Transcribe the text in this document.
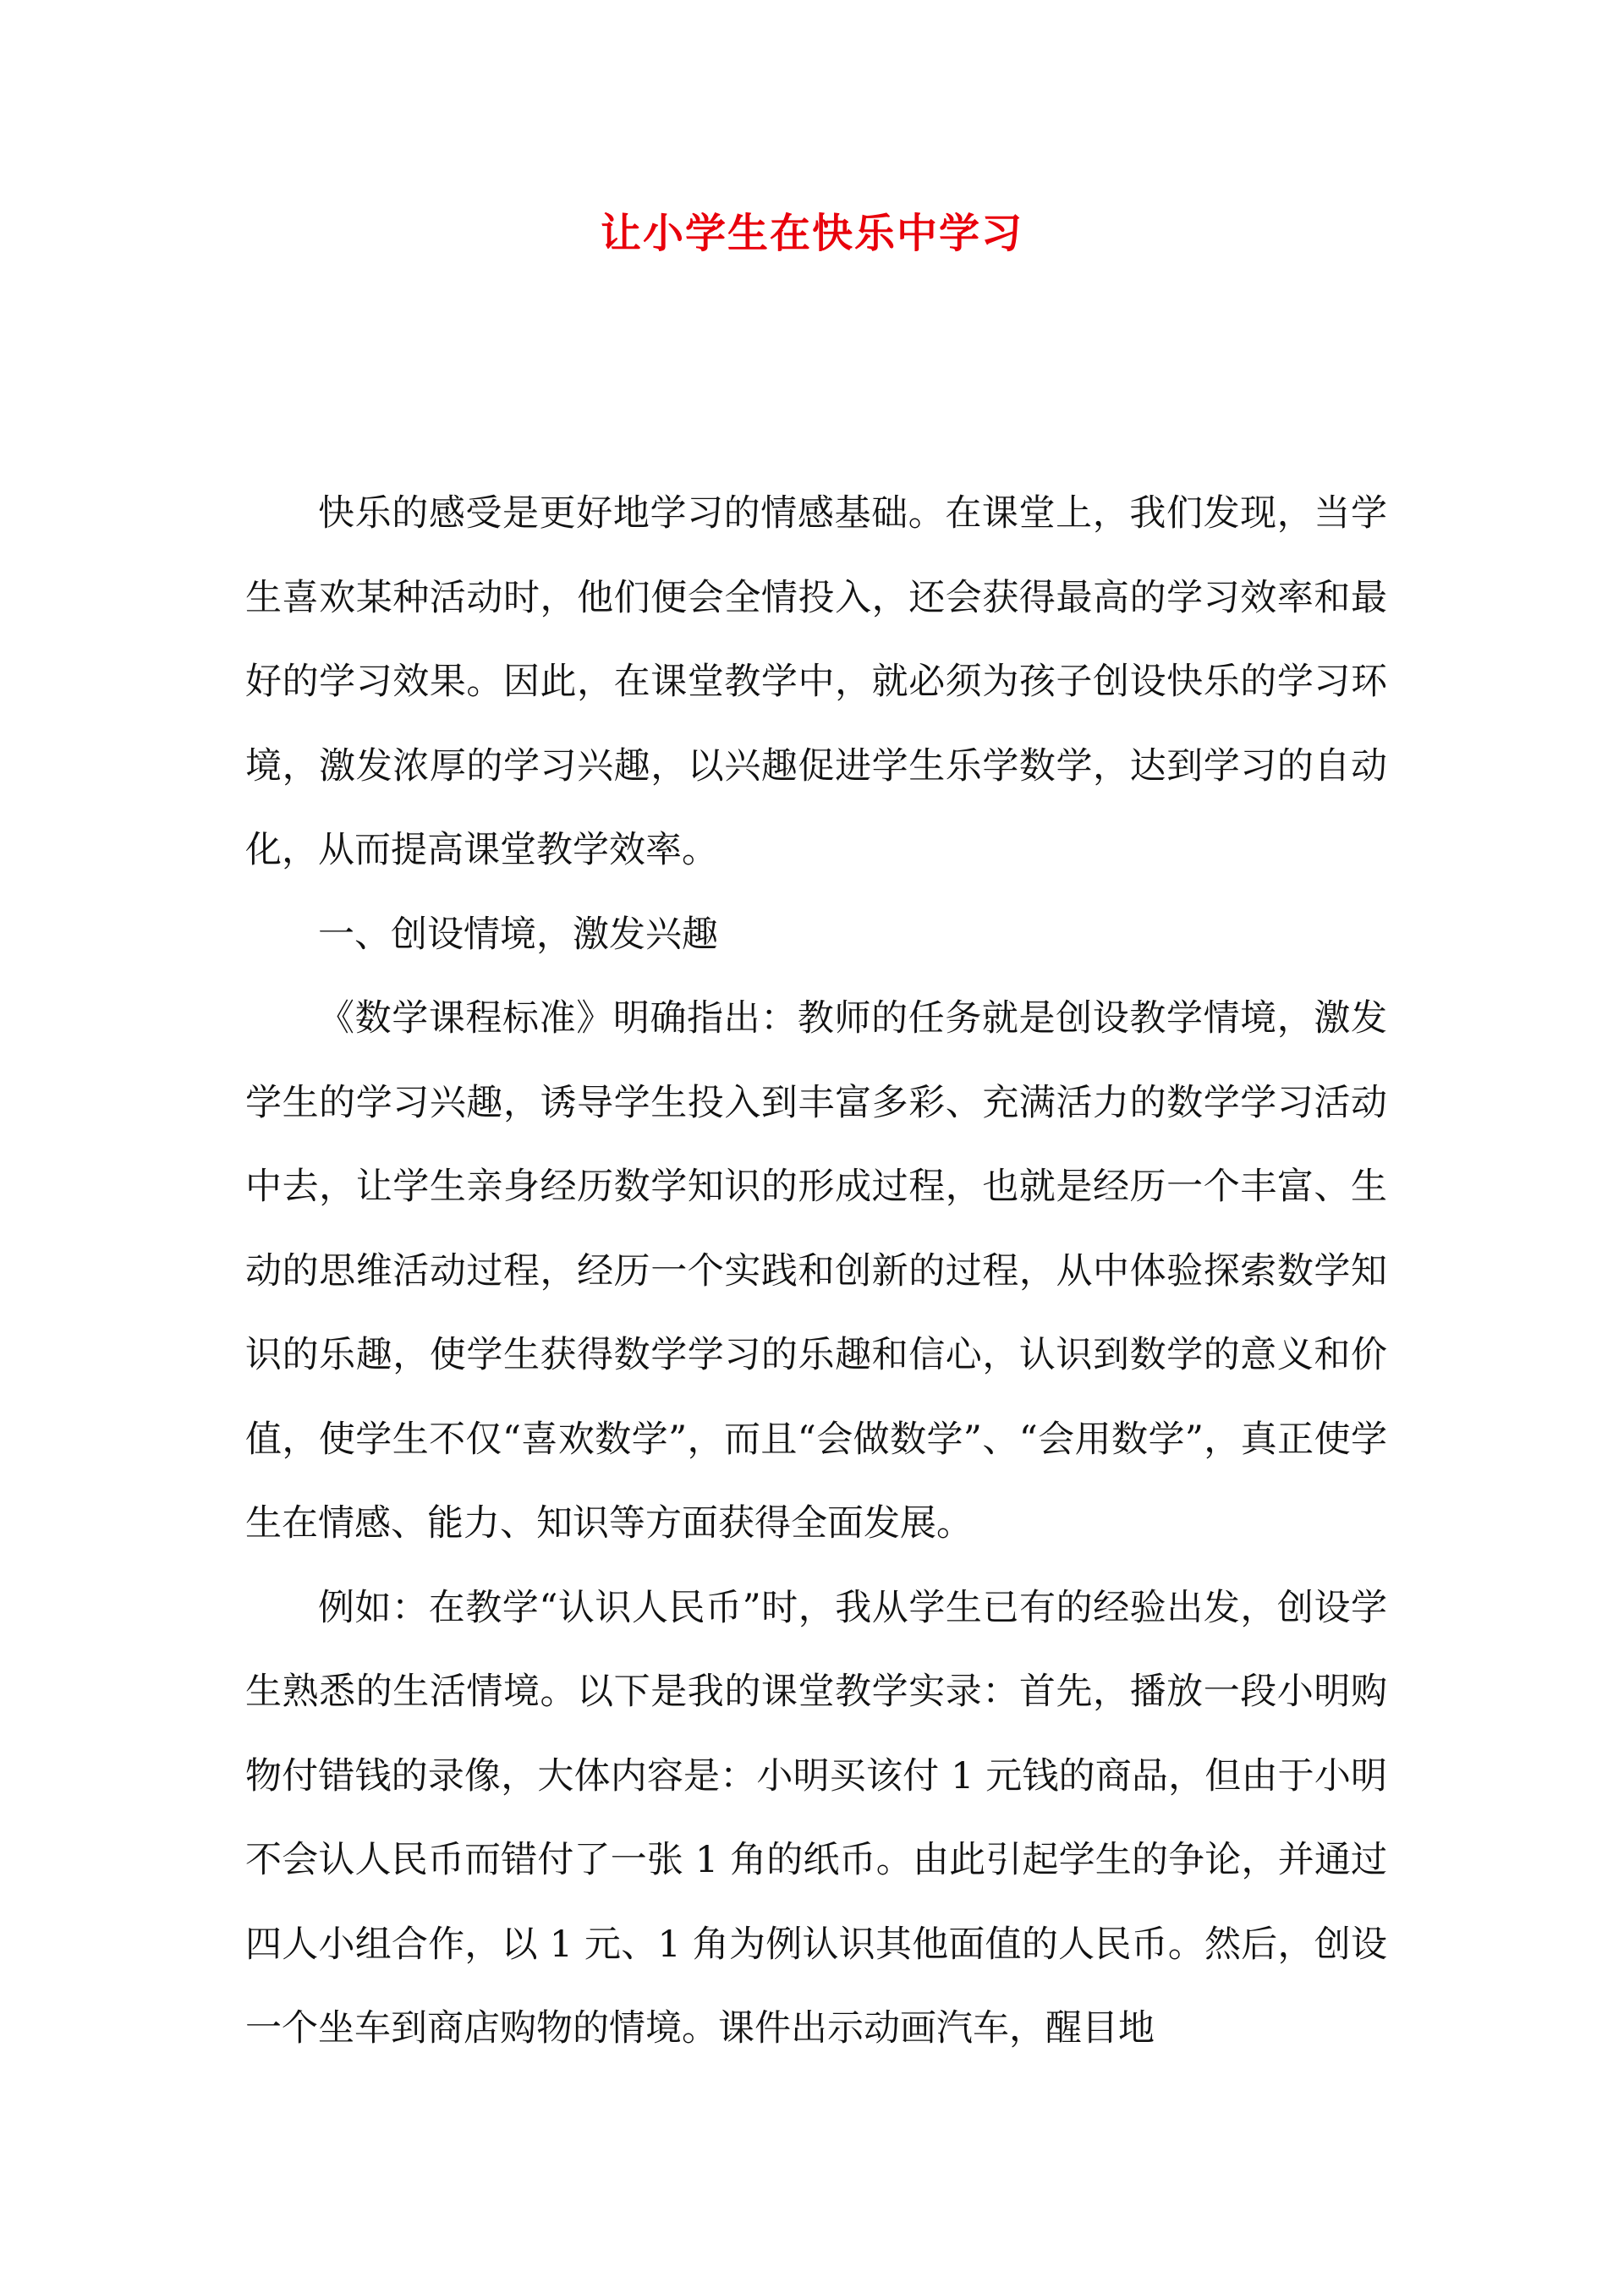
让小学生在快乐中学习

快乐的感受是更好地学习的情感基础。在课堂上，我们发现，当学生喜欢某种活动时，他们便会全情投入，还会获得最高的学习效率和最好的学习效果。因此，在课堂教学中，就必须为孩子创设快乐的学习环境，激发浓厚的学习兴趣，以兴趣促进学生乐学数学，达到学习的自动化，从而提高课堂教学效率。

一、创设情境，激发兴趣

《数学课程标准》明确指出：教师的任务就是创设教学情境，激发学生的学习兴趣，诱导学生投入到丰富多彩、充满活力的数学学习活动中去，让学生亲身经历数学知识的形成过程，也就是经历一个丰富、生动的思维活动过程，经历一个实践和创新的过程，从中体验探索数学知识的乐趣，使学生获得数学学习的乐趣和信心，认识到数学的意义和价值，使学生不仅“喜欢数学”，而且“会做数学”、“会用数学”，真正使学生在情感、能力、知识等方面获得全面发展。

例如：在教学“认识人民币”时，我从学生已有的经验出发，创设学生熟悉的生活情境。以下是我的课堂教学实录：首先，播放一段小明购物付错钱的录像，大体内容是：小明买该付 1 元钱的商品，但由于小明不会认人民币而错付了一张 1 角的纸币。由此引起学生的争论，并通过四人小组合作，以 1 元、1 角为例认识其他面值的人民币。然后，创设一个坐车到商店购物的情境。课件出示动画汽车，醒目地
